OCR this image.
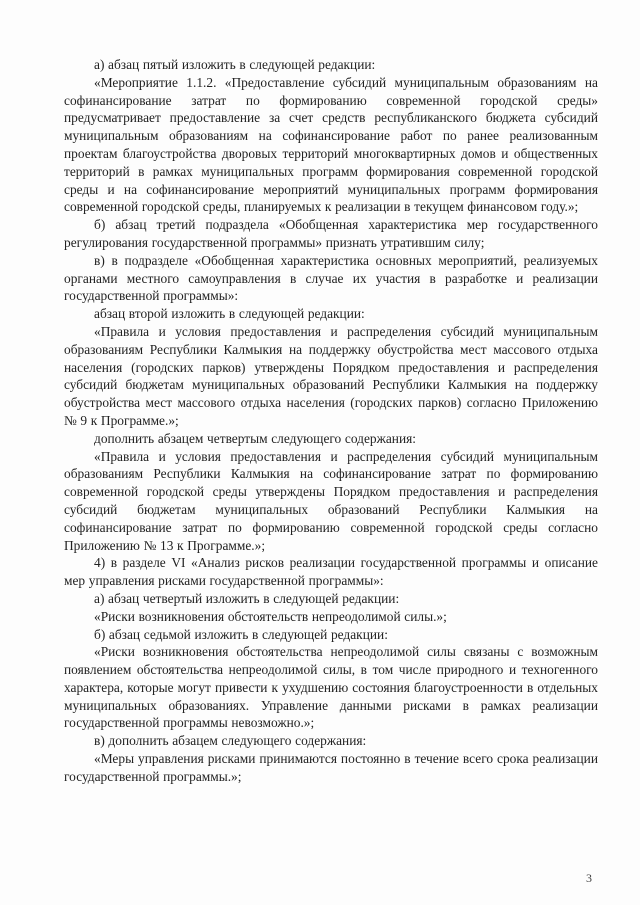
а) абзац пятый изложить в следующей редакции:

«Мероприятие 1.1.2. «Предоставление субсидий муниципальным образованиям на софинансирование затрат по формированию современной городской среды» предусматривает предоставление за счет средств республиканского бюджета субсидий муниципальным образованиям на софинансирование работ по ранее реализованным проектам благоустройства дворовых территорий многоквартирных домов и общественных территорий в рамках муниципальных программ формирования современной городской среды и на софинансирование мероприятий муниципальных программ формирования современной городской среды, планируемых к реализации в текущем финансовом году.»;

б) абзац третий подраздела «Обобщенная характеристика мер государственного регулирования государственной программы» признать утратившим силу;

в) в подразделе «Обобщенная характеристика основных мероприятий, реализуемых органами местного самоуправления в случае их участия в разработке и реализации государственной программы»:

абзац второй изложить в следующей редакции:

«Правила и условия предоставления и распределения субсидий муниципальным образованиям Республики Калмыкия на поддержку обустройства мест массового отдыха населения (городских парков) утверждены Порядком предоставления и распределения субсидий бюджетам муниципальных образований Республики Калмыкия на поддержку обустройства мест массового отдыха населения (городских парков) согласно Приложению № 9 к Программе.»;

дополнить абзацем четвертым следующего содержания:

«Правила и условия предоставления и распределения субсидий муниципальным образованиям Республики Калмыкия на софинансирование затрат по формированию современной городской среды утверждены Порядком предоставления и распределения субсидий бюджетам муниципальных образований Республики Калмыкия на софинансирование затрат по формированию современной городской среды согласно Приложению № 13 к Программе.»;

4) в разделе VI «Анализ рисков реализации государственной программы и описание мер управления рисками государственной программы»:

а) абзац четвертый изложить в следующей редакции:

«Риски возникновения обстоятельств непреодолимой силы.»;

б) абзац седьмой изложить в следующей редакции:

«Риски возникновения обстоятельства непреодолимой силы связаны с возможным появлением обстоятельства непреодолимой силы, в том числе природного и техногенного характера, которые могут привести к ухудшению состояния благоустроенности в отдельных муниципальных образованиях. Управление данными рисками в рамках реализации государственной программы невозможно.»;

в) дополнить абзацем следующего содержания:

«Меры управления рисками принимаются постоянно в течение всего срока реализации государственной программы.»;

3
